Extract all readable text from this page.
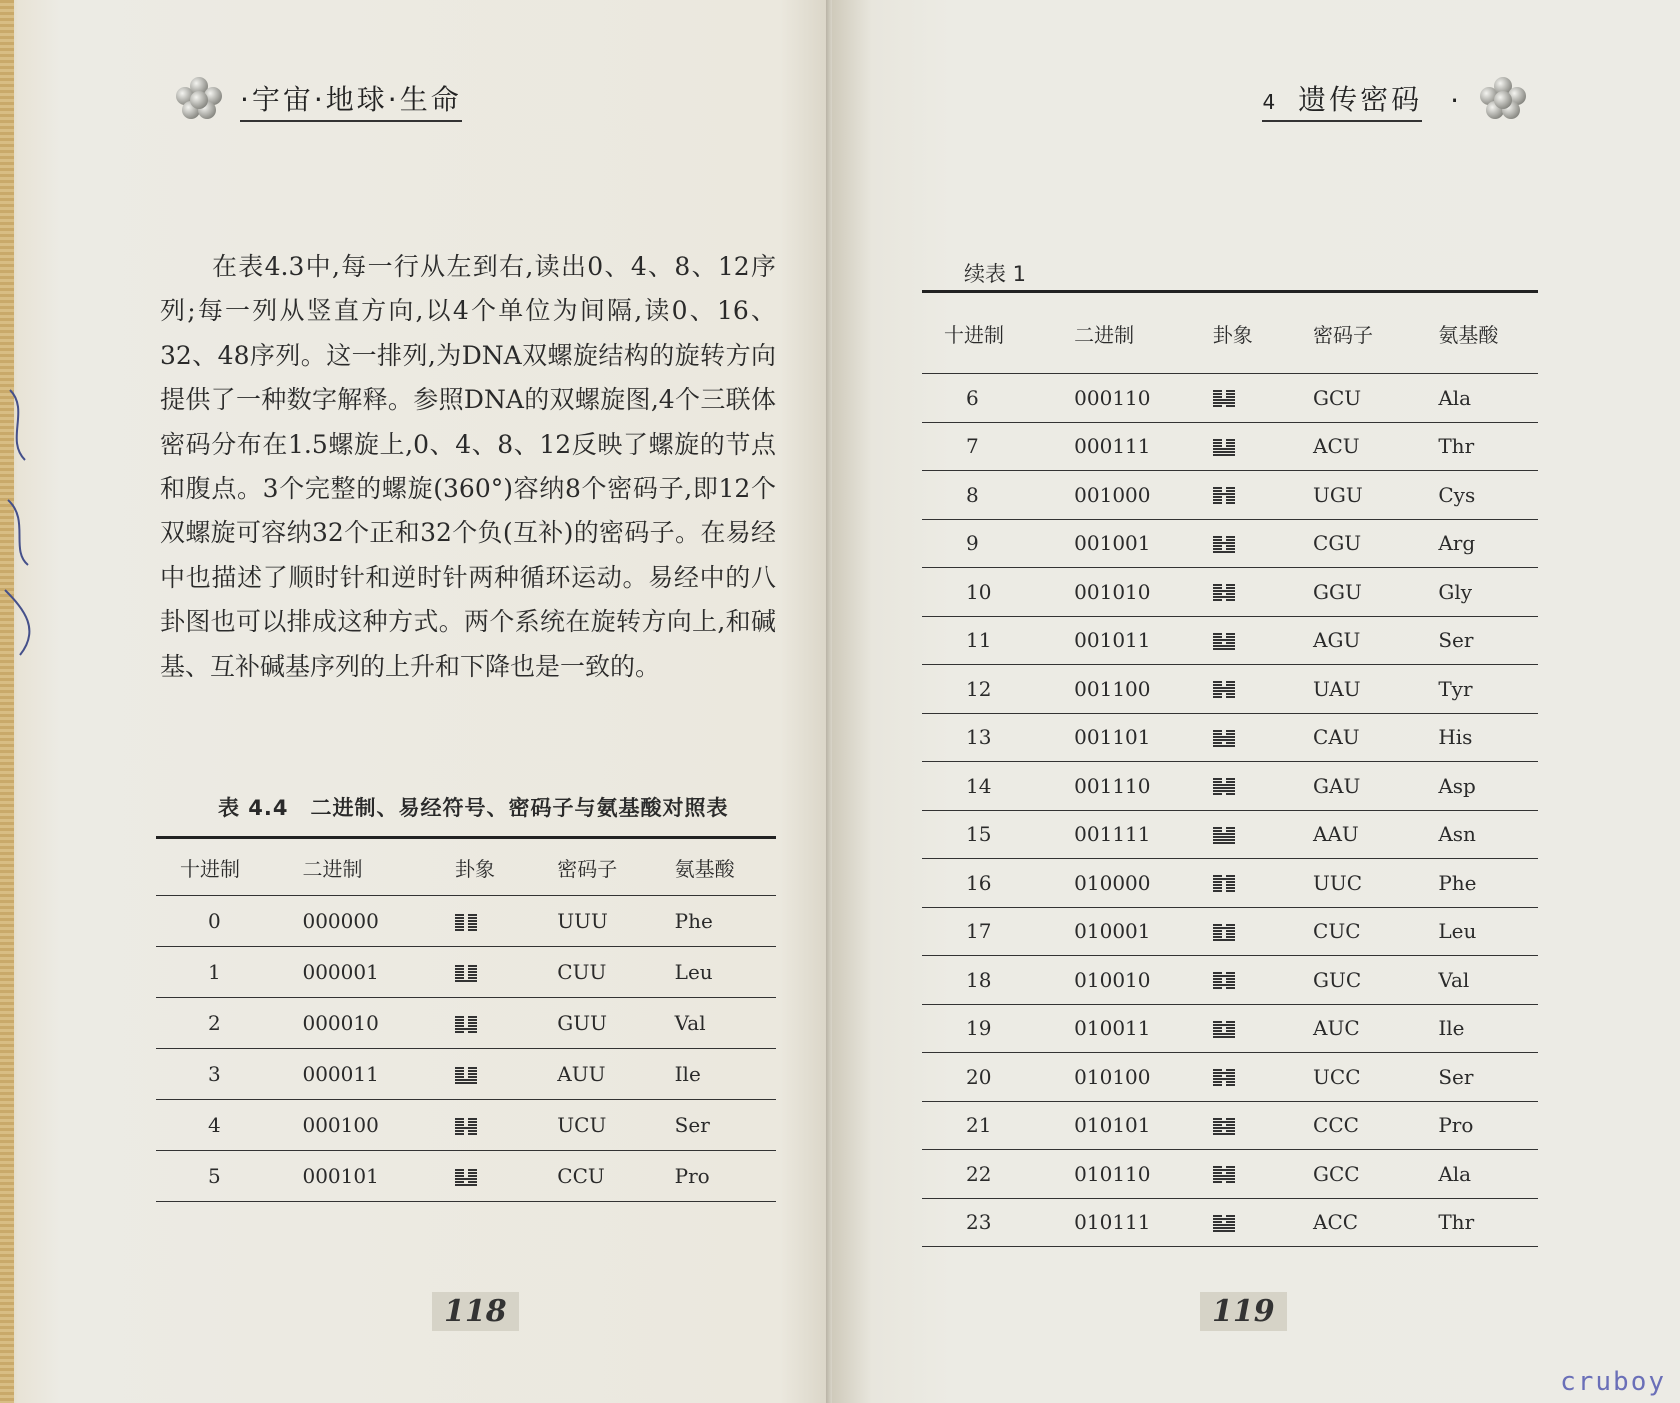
·宇宙·地球·生命

在表4.3中,每一行从左到右,读出0、4、8、12序列;每一列从竖直方向,以4个单位为间隔,读0、16、32、48序列。这一排列,为DNA双螺旋结构的旋转方向提供了一种数字解释。参照DNA的双螺旋图,4个三联体密码分布在1.5螺旋上,0、4、8、12反映了螺旋的节点和腹点。3个完整的螺旋(360°)容纳8个密码子,即12个双螺旋可容纳32个正和32个负(互补)的密码子。在易经中也描述了顺时针和逆时针两种循环运动。易经中的八卦图也可以排成这种方式。两个系统在旋转方向上,和碱基、互补碱基序列的上升和下降也是一致的。

表 4.4 二进制、易经符号、密码子与氨基酸对照表
十进制	二进制	卦象	密码子	氨基酸
0	000000		UUU	Phe
1	000001		CUU	Leu
2	000010		GUU	Val
3	000011		AUU	Ile
4	000100		UCU	Ser
5	000101		CCU	Pro
118
4 遗传密码 ·
续表 1
十进制	二进制	卦象	密码子	氨基酸
6	000110		GCU	Ala
7	000111		ACU	Thr
8	001000		UGU	Cys
9	001001		CGU	Arg
10	001010		GGU	Gly
11	001011		AGU	Ser
12	001100		UAU	Tyr
13	001101		CAU	His
14	001110		GAU	Asp
15	001111		AAU	Asn
16	010000		UUC	Phe
17	010001		CUC	Leu
18	010010		GUC	Val
19	010011		AUC	Ile
20	010100		UCC	Ser
21	010101		CCC	Pro
22	010110		GCC	Ala
23	010111		ACC	Thr
119
cruboy
